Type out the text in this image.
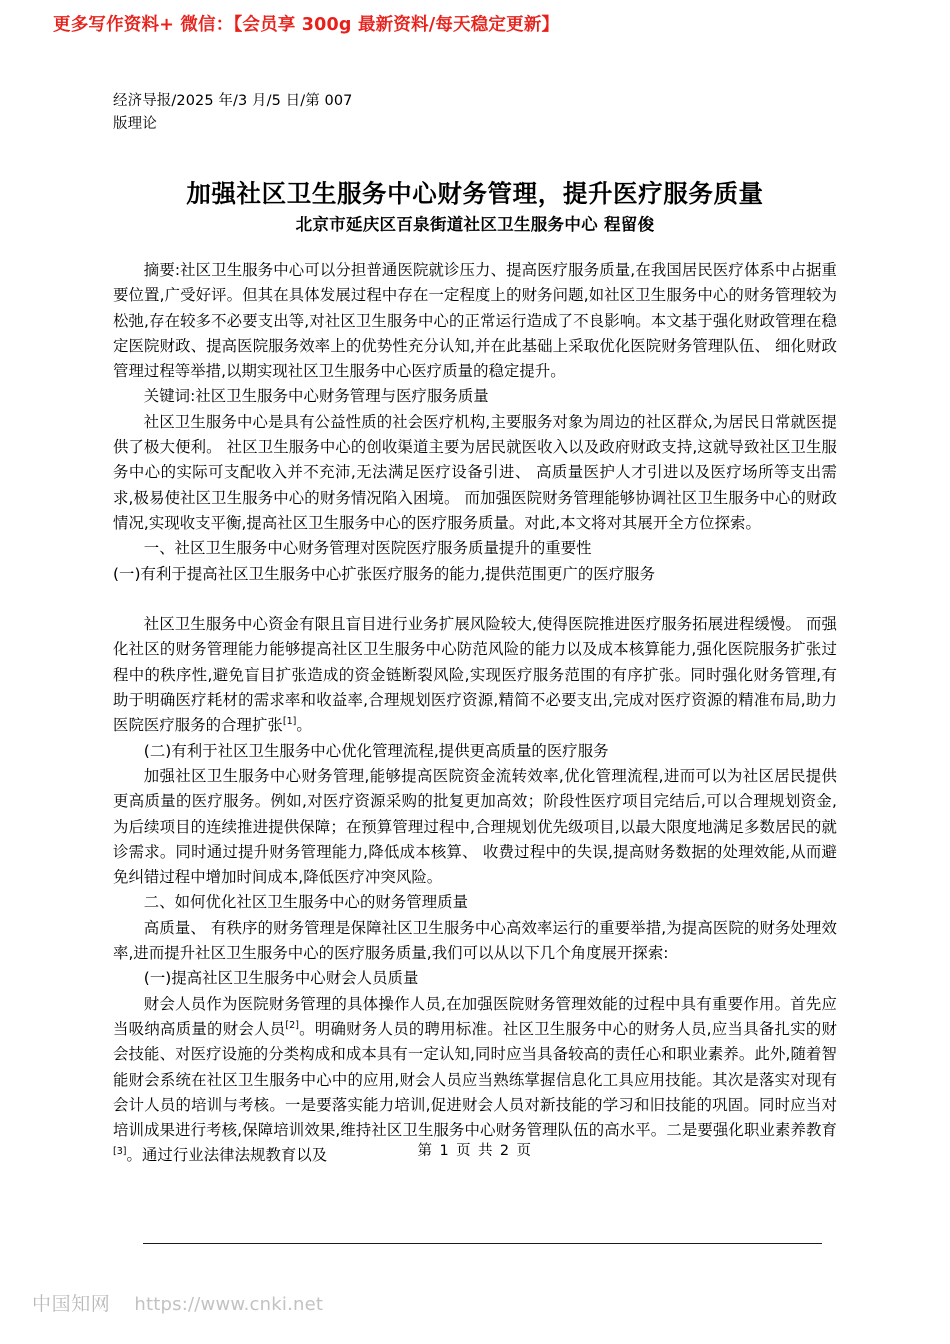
更多写作资料+ 微信：【会员享 300g 最新资料/每天稳定更新】
经济导报/2025 年/3 月/5 日/第 007
版理论
加强社区卫生服务中心财务管理，提升医疗服务质量
北京市延庆区百泉街道社区卫生服务中心 程留俊

摘要:社区卫生服务中心可以分担普通医院就诊压力、提高医疗服务质量,在我国居民医疗体系中占据重要位置,广受好评。但其在具体发展过程中存在一定程度上的财务问题,如社区卫生服务中心的财务管理较为松弛,存在较多不必要支出等,对社区卫生服务中心的正常运行造成了不良影响。本文基于强化财政管理在稳定医院财政、提高医院服务效率上的优势性充分认知,并在此基础上采取优化医院财务管理队伍、 细化财政管理过程等举措,以期实现社区卫生服务中心医疗质量的稳定提升。

关键词:社区卫生服务中心财务管理与医疗服务质量

社区卫生服务中心是具有公益性质的社会医疗机构,主要服务对象为周边的社区群众,为居民日常就医提供了极大便利。 社区卫生服务中心的创收渠道主要为居民就医收入以及政府财政支持,这就导致社区卫生服务中心的实际可支配收入并不充沛,无法满足医疗设备引进、 高质量医护人才引进以及医疗场所等支出需求,极易使社区卫生服务中心的财务情况陷入困境。 而加强医院财务管理能够协调社区卫生服务中心的财政情况,实现收支平衡,提高社区卫生服务中心的医疗服务质量。对此,本文将对其展开全方位探索。

一、社区卫生服务中心财务管理对医院医疗服务质量提升的重要性

(一)有利于提高社区卫生服务中心扩张医疗服务的能力,提供范围更广的医疗服务

社区卫生服务中心资金有限且盲目进行业务扩展风险较大,使得医院推进医疗服务拓展进程缓慢。 而强化社区的财务管理能力能够提高社区卫生服务中心防范风险的能力以及成本核算能力,强化医院服务扩张过程中的秩序性,避免盲目扩张造成的资金链断裂风险,实现医疗服务范围的有序扩张。同时强化财务管理,有助于明确医疗耗材的需求率和收益率,合理规划医疗资源,精简不必要支出,完成对医疗资源的精准布局,助力医院医疗服务的合理扩张[1]。

(二)有利于社区卫生服务中心优化管理流程,提供更高质量的医疗服务

加强社区卫生服务中心财务管理,能够提高医院资金流转效率,优化管理流程,进而可以为社区居民提供更高质量的医疗服务。例如,对医疗资源采购的批复更加高效；阶段性医疗项目完结后,可以合理规划资金,为后续项目的连续推进提供保障；在预算管理过程中,合理规划优先级项目,以最大限度地满足多数居民的就诊需求。同时通过提升财务管理能力,降低成本核算、 收费过程中的失误,提高财务数据的处理效能,从而避免纠错过程中增加时间成本,降低医疗冲突风险。

二、如何优化社区卫生服务中心的财务管理质量

高质量、 有秩序的财务管理是保障社区卫生服务中心高效率运行的重要举措,为提高医院的财务处理效率,进而提升社区卫生服务中心的医疗服务质量,我们可以从以下几个角度展开探索:

(一)提高社区卫生服务中心财会人员质量

财会人员作为医院财务管理的具体操作人员,在加强医院财务管理效能的过程中具有重要作用。首先应当吸纳高质量的财会人员[2]。明确财务人员的聘用标准。社区卫生服务中心的财务人员,应当具备扎实的财会技能、对医疗设施的分类构成和成本具有一定认知,同时应当具备较高的责任心和职业素养。此外,随着智能财会系统在社区卫生服务中心中的应用,财会人员应当熟练掌握信息化工具应用技能。其次是落实对现有会计人员的培训与考核。一是要落实能力培训,促进财会人员对新技能的学习和旧技能的巩固。同时应当对培训成果进行考核,保障培训效果,维持社区卫生服务中心财务管理队伍的高水平。二是要强化职业素养教育[3]。通过行业法律法规教育以及	第 1 页 共 2 页
中国知网 https://www.cnki.net
